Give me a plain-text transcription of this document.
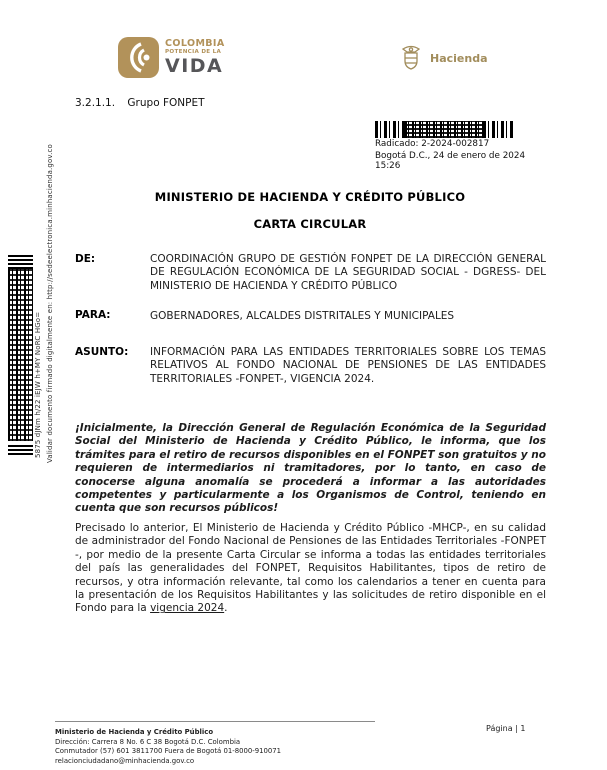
COLOMBIA
POTENCIA DE LA
VIDA	Hacienda
3.2.1.1. Grupo FONPET
Radicado: 2-2024-002817
Bogotá D.C., 24 de enero de 2024 15:26
MINISTERIO DE HACIENDA Y CRÉDITO PÚBLICO
CARTA CIRCULAR
DE:	COORDINACIÓN GRUPO DE GESTIÓN FONPET DE LA DIRECCIÓN GENERAL DE REGULACIÓN ECONÓMICA DE LA SEGURIDAD SOCIAL - DGRESS- DEL MINISTERIO DE HACIENDA Y CRÉDITO PÚBLICO
PARA:	GOBERNADORES, ALCALDES DISTRITALES Y MUNICIPALES
ASUNTO: INFORMACIÓN PARA LAS ENTIDADES TERRITORIALES SOBRE LOS TEMAS RELATIVOS AL FONDO NACIONAL DE PENSIONES DE LAS ENTIDADES TERRITORIALES -FONPET-, VIGENCIA 2024.
¡Inicialmente, la Dirección General de Regulación Económica de la Seguridad Social del Ministerio de Hacienda y Crédito Público, le informa, que los trámites para el retiro de recursos disponibles en el FONPET son gratuitos y no requieren de intermediarios ni tramitadores, por lo tanto, en caso de conocerse alguna anomalía se procederá a informar a las autoridades competentes y particularmente a los Organismos de Control, teniendo en cuenta que son recursos públicos!
Precisado lo anterior, El Ministerio de Hacienda y Crédito Público -MHCP-, en su calidad de administrador del Fondo Nacional de Pensiones de las Entidades Territoriales -FONPET -, por medio de la presente Carta Circular se informa a todas las entidades territoriales del país las generalidades del FONPET, Requisitos Habilitantes, tipos de retiro de recursos, y otra información relevante, tal como los calendarios a tener en cuenta para la presentación de los Requisitos Habilitantes y las solicitudes de retiro disponible en el Fondo para la vigencia 2024.
5875 dJNm h/22 iEJW h+MY NoRC HGo= Validar documento firmado digitalmente en: http://sedeelectronica.minhacienda.gov.co
Ministerio de Hacienda y Crédito Público
Dirección: Carrera 8 No. 6 C 38 Bogotá D.C. Colombia
Conmutador (57) 601 3811700 Fuera de Bogotá 01-8000-910071
relacionciudadano@minhacienda.gov.co
Página | 1
